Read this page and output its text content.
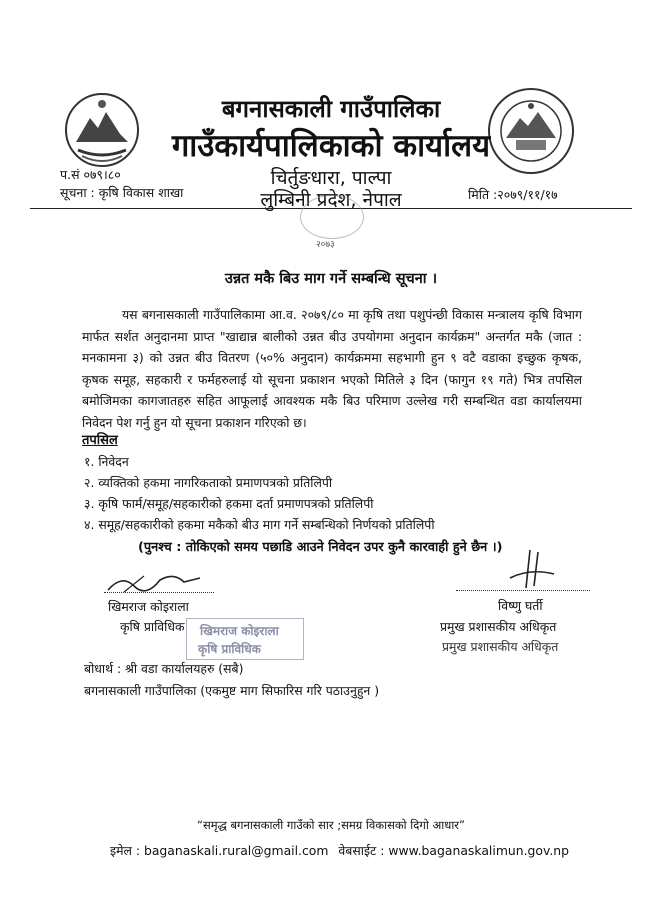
बगनासकाली गाउँपालिका
गाउँकार्यपालिकाको कार्यालय
चिर्तुङधारा, पाल्पा
लुम्बिनी प्रदेश, नेपाल
प.सं ०७९।८०
सूचना : कृषि विकास शाखा	मिति :२०७९/११/१७
२०७३
उन्नत मकै बिउ माग गर्ने सम्बन्धि सूचना ।
यस बगनासकाली गाउँपालिकामा आ.व. २०७९/८० मा कृषि तथा पशुपंन्छी विकास मन्त्रालय कृषि विभाग मार्फत सर्शत अनुदानमा प्राप्त "खाद्यान्न बालीको उन्नत बीउ उपयोगमा अनुदान कार्यक्रम" अन्तर्गत मकै (जात : मनकामना ३) को उन्नत बीउ वितरण (५०% अनुदान) कार्यक्रममा सहभागी हुन ९ वटै वडाका इच्छुक कृषक, कृषक समूह, सहकारी र फर्महरुलाई यो सूचना प्रकाशन भएको मितिले ३ दिन (फागुन १९ गते) भित्र तपसिल बमोजिमका कागजातहरु सहित आफूलाई आवश्यक मकै बिउ परिमाण उल्लेख गरी सम्बन्धित वडा कार्यालयमा निवेदन पेश गर्नु हुन यो सूचना प्रकाशन गरिएको छ।
तपसिल
१. निवेदन
२. व्यक्तिको हकमा नागरिकताको प्रमाणपत्रको प्रतिलिपी
३. कृषि फार्म/समूह/सहकारीको हकमा दर्ता प्रमाणपत्रको प्रतिलिपी
४. समूह/सहकारीको हकमा मकैको बीउ माग गर्ने सम्बन्धिको निर्णयको प्रतिलिपी
(पुनश्च : तोकिएको समय पछाडि आउने निवेदन उपर कुनै कारवाही हुने छैन ।)
खिमराज कोइराला
कृषि प्राविधिक खिमराज कोइराला
कृषि प्राविधिक
विष्णु घर्ती
प्रमुख प्रशासकीय अधिकृत
प्रमुख प्रशासकीय अधिकृत
बोधार्थ : श्री वडा कार्यालयहरु (सबै)
बगनासकाली गाउँपालिका (एकमुष्ट माग सिफारिस गरि पठाउनुहुन )
“समृद्ध बगनासकाली गाउँको सार ;समग्र विकासको दिगो आधार”
इमेल : baganaskali.rural@gmail.com वेबसाईट : www.baganaskalimun.gov.np
